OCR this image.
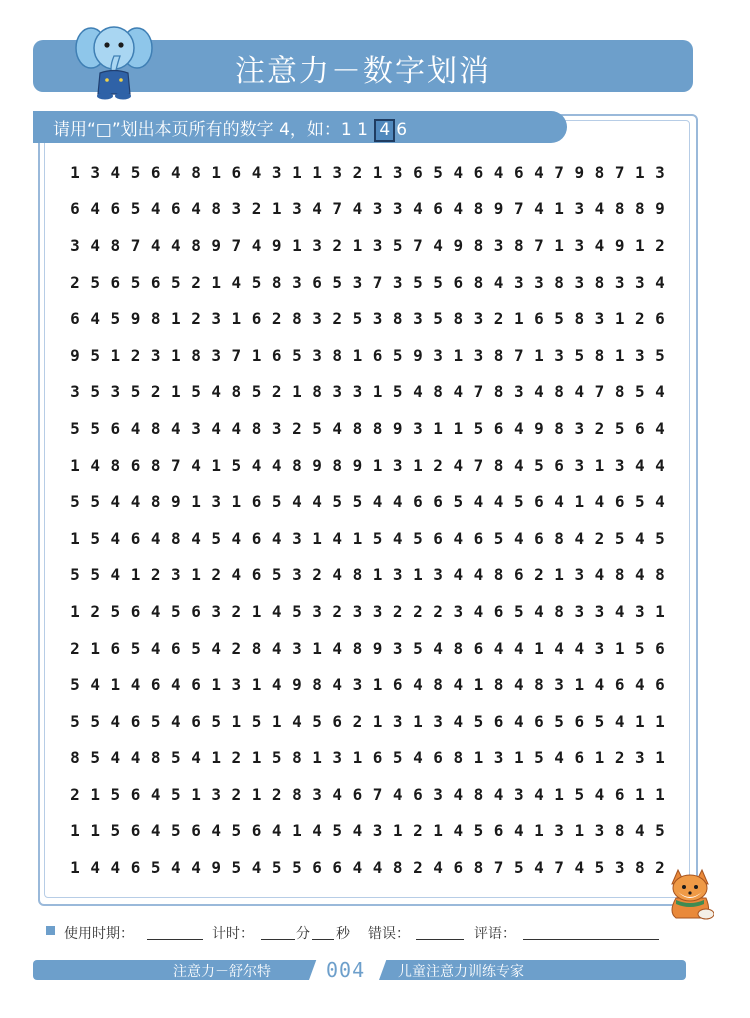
注意力－数字划消
请用“□”划出本页所有的数字 4，如：1 1 4 6
1 3 4 5 6 4 8 1 6 4 3 1 1 3 2 1 3 6 5 4 6 4 6 4 7 9 8 7 1 3
6 4 6 5 4 6 4 8 3 2 1 3 4 7 4 3 3 4 6 4 8 9 7 4 1 3 4 8 8 9
3 4 8 7 4 4 8 9 7 4 9 1 3 2 1 3 5 7 4 9 8 3 8 7 1 3 4 9 1 2
2 5 6 5 6 5 2 1 4 5 8 3 6 5 3 7 3 5 5 6 8 4 3 3 8 3 8 3 3 4
6 4 5 9 8 1 2 3 1 6 2 8 3 2 5 3 8 3 5 8 3 2 1 6 5 8 3 1 2 6
9 5 1 2 3 1 8 3 7 1 6 5 3 8 1 6 5 9 3 1 3 8 7 1 3 5 8 1 3 5
3 5 3 5 2 1 5 4 8 5 2 1 8 3 3 1 5 4 8 4 7 8 3 4 8 4 7 8 5 4
5 5 6 4 8 4 3 4 4 8 3 2 5 4 8 8 9 3 1 1 5 6 4 9 8 3 2 5 6 4
1 4 8 6 8 7 4 1 5 4 4 8 9 8 9 1 3 1 2 4 7 8 4 5 6 3 1 3 4 4
5 5 4 4 8 9 1 3 1 6 5 4 4 5 5 4 4 6 6 5 4 4 5 6 4 1 4 6 5 4
1 5 4 6 4 8 4 5 4 6 4 3 1 4 1 5 4 5 6 4 6 5 4 6 8 4 2 5 4 5
5 5 4 1 2 3 1 2 4 6 5 3 2 4 8 1 3 1 3 4 4 8 6 2 1 3 4 8 4 8
1 2 5 6 4 5 6 3 2 1 4 5 3 2 3 3 2 2 2 3 4 6 5 4 8 3 3 4 3 1
2 1 6 5 4 6 5 4 2 8 4 3 1 4 8 9 3 5 4 8 6 4 4 1 4 4 3 1 5 6
5 4 1 4 6 4 6 1 3 1 4 9 8 4 3 1 6 4 8 4 1 8 4 8 3 1 4 6 4 6
5 5 4 6 5 4 6 5 1 5 1 4 5 6 2 1 3 1 3 4 5 6 4 6 5 6 5 4 1 1
8 5 4 4 8 5 4 1 2 1 5 8 1 3 1 6 5 4 6 8 1 3 1 5 4 6 1 2 3 1
2 1 5 6 4 5 1 3 2 1 2 8 3 4 6 7 4 6 3 4 8 4 3 4 1 5 4 6 1 1
1 1 5 6 4 5 6 4 5 6 4 1 4 5 4 3 1 2 1 4 5 6 4 1 3 1 3 8 4 5
1 4 4 6 5 4 4 9 5 4 5 5 6 6 4 4 8 2 4 6 8 7 5 4 7 4 5 3 8 2
使用时期：	计时：	分 秒 错误：	评语：
注意力－舒尔特	004 儿童注意力训练专家
